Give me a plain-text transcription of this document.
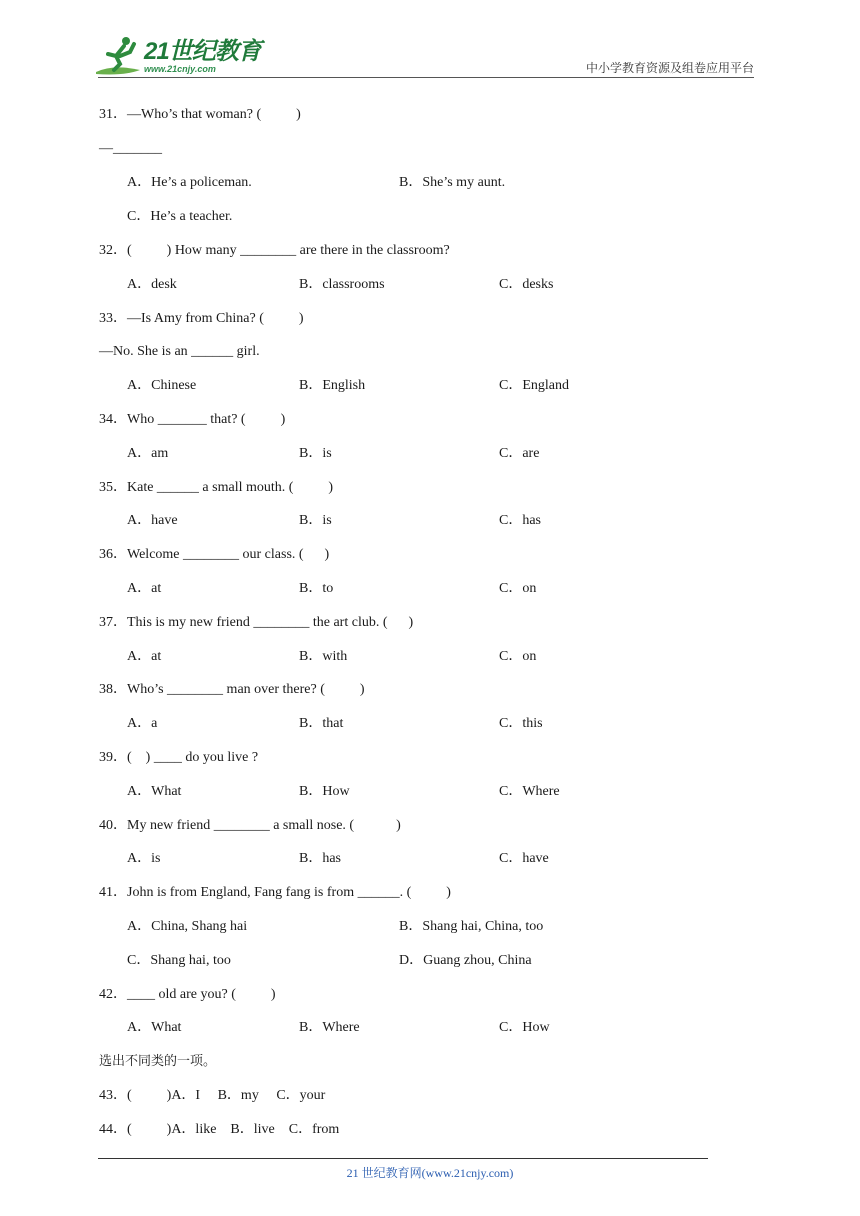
21世纪教育
www.21cnjy.com	中小学教育资源及组卷应用平台
31．—Who’s that woman? (          )
—_______
A．He’s a policeman.	B．She’s my aunt.
C．He’s a teacher.
32．(          ) How many ________ are there in the classroom?
A．desk	B．classrooms	C．desks
33．—Is Amy from China? (          )
—No. She is an ______ girl.
A．Chinese	B．English	C．England
34．Who _______ that? (          )
A．am	B．is	C．are
35．Kate ______ a small mouth. (          )
A．have	B．is	C．has
36．Welcome ________ our class. (      )
A．at	B．to	C．on
37．This is my new friend ________ the art club. (      )
A．at	B．with	C．on
38．Who’s ________ man over there? (          )
A．a	B．that	C．this
39．(    ) ____ do you live ?
A．What	B．How	C．Where
40．My new friend ________ a small nose. (            )
A．is	B．has	C．have
41．John is from England, Fang fang is from ______. (          )
A．China, Shang hai	B．Shang hai, China, too
C．Shang hai, too	D．Guang zhou, China
42．____ old are you? (          )
A．What	B．Where	C．How
选出不同类的一项。
43．(          )A．I     B．my     C．your
44．(          )A．like    B．live    C．from
21 世纪教育网(www.21cnjy.com)
